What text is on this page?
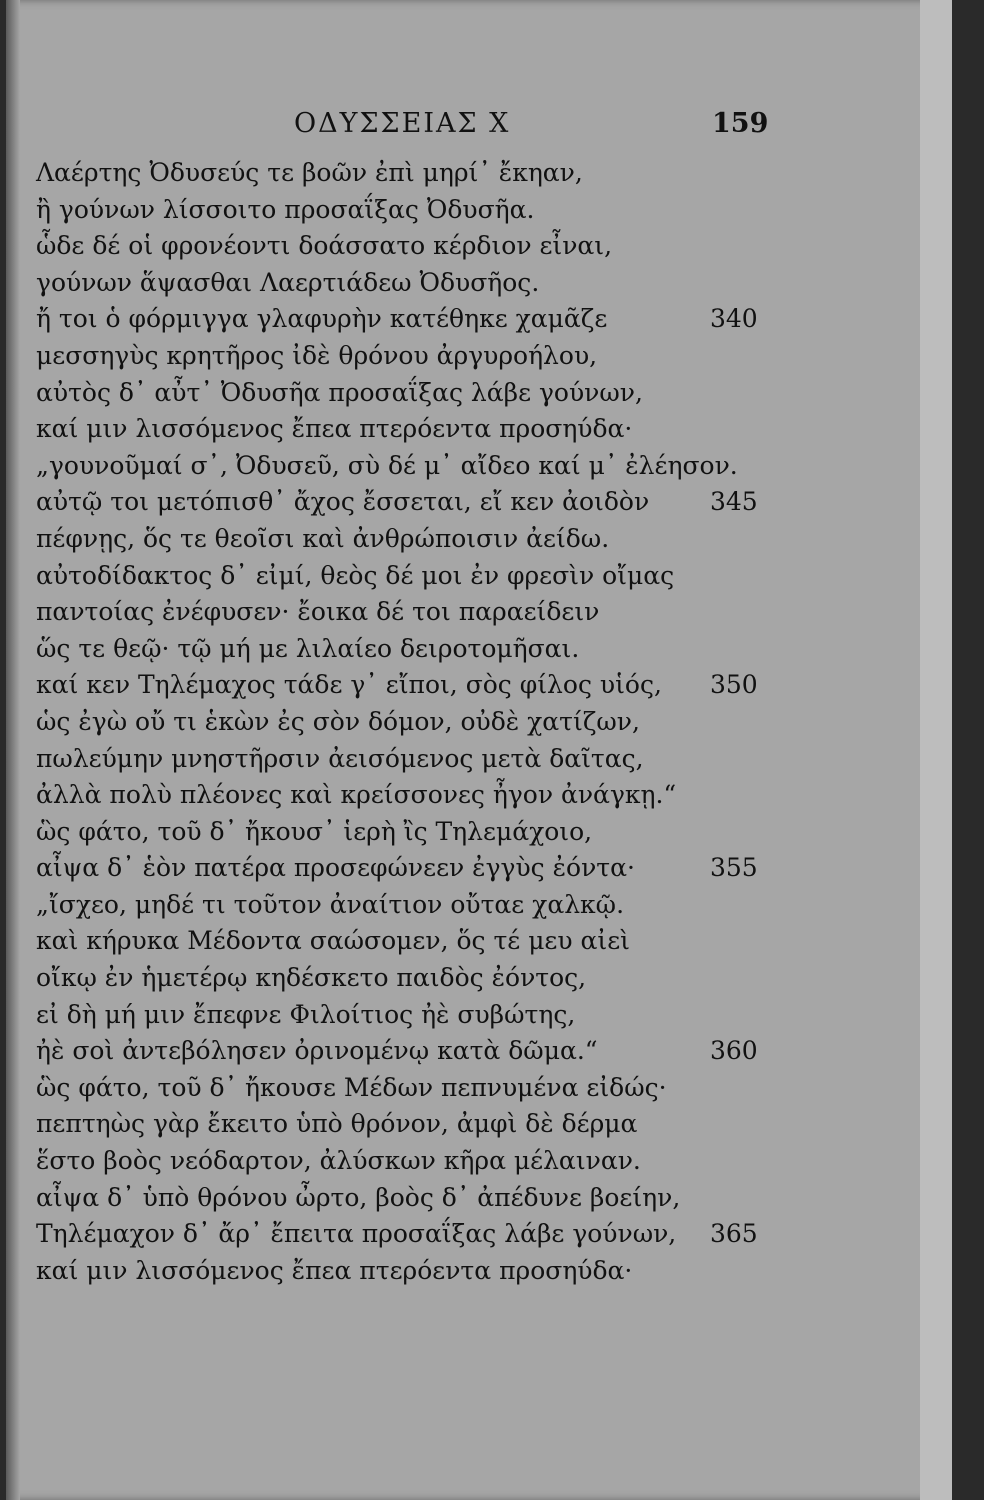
ΟΔΥΣΣΕΙΑΣ Χ	159
Λαέρτης Ὀδυσεύς τε βοῶν ἐπὶ μηρί᾽ ἔκηαν,
ἢ γούνων λίσσοιτο προσαΐξας Ὀδυσῆα.
ὧδε δέ οἱ φρονέοντι δοάσσατο κέρδιον εἶναι,
γούνων ἅψασθαι Λαερτιάδεω Ὀδυσῆος.
ἤ τοι ὁ φόρμιγγα γλαφυρὴν κατέθηκε χαμᾶζε	340
μεσσηγὺς κρητῆρος ἰδὲ θρόνου ἀργυροήλου,
αὐτὸς δ᾽ αὖτ᾽ Ὀδυσῆα προσαΐξας λάβε γούνων,
καί μιν λισσόμενος ἔπεα πτερόεντα προσηύδα·
„γουνοῦμαί σ᾽, Ὀδυσεῦ, σὺ δέ μ᾽ αἴδεο καί μ᾽ ἐλέησον.
αὐτῷ τοι μετόπισθ᾽ ἄχος ἔσσεται, εἴ κεν ἀοιδὸν 345
πέφνῃς, ὅς τε θεοῖσι καὶ ἀνθρώποισιν ἀείδω.
αὐτοδίδακτος δ᾽ εἰμί, θεὸς δέ μοι ἐν φρεσὶν οἴμας
παντοίας ἐνέφυσεν· ἔοικα δέ τοι παραείδειν
ὥς τε θεῷ· τῷ μή με λιλαίεο δειροτομῆσαι.
καί κεν Τηλέμαχος τάδε γ᾽ εἴποι, σὸς φίλος υἱός, 350
ὡς ἐγὼ οὔ τι ἑκὼν ἐς σὸν δόμον, οὐδὲ χατίζων,
πωλεύμην μνηστῆρσιν ἀεισόμενος μετὰ δαῖτας,
ἀλλὰ πολὺ πλέονες καὶ κρείσσονες ἦγον ἀνάγκῃ.“
ὣς φάτο, τοῦ δ᾽ ἤκουσ᾽ ἱερὴ ἲς Τηλεμάχοιο,
αἶψα δ᾽ ἑὸν πατέρα προσεφώνεεν ἐγγὺς ἐόντα·	355
„ἴσχεο, μηδέ τι τοῦτον ἀναίτιον οὔταε χαλκῷ.
καὶ κήρυκα Μέδοντα σαώσομεν, ὅς τέ μευ αἰεὶ
οἴκῳ ἐν ἡμετέρῳ κηδέσκετο παιδὸς ἐόντος,
εἰ δὴ μή μιν ἔπεφνε Φιλοίτιος ἠὲ συβώτης,
ἠὲ σοὶ ἀντεβόλησεν ὀρινομένῳ κατὰ δῶμα.“	360
ὣς φάτο, τοῦ δ᾽ ἤκουσε Μέδων πεπνυμένα εἰδώς·
πεπτηὼς γὰρ ἔκειτο ὑπὸ θρόνον, ἀμφὶ δὲ δέρμα
ἕστο βοὸς νεόδαρτον, ἀλύσκων κῆρα μέλαιναν.
αἶψα δ᾽ ὑπὸ θρόνου ὦρτο, βοὸς δ᾽ ἀπέδυνε βοείην,
Τηλέμαχον δ᾽ ἄρ᾽ ἔπειτα προσαΐξας λάβε γούνων, 365
καί μιν λισσόμενος ἔπεα πτερόεντα προσηύδα·
